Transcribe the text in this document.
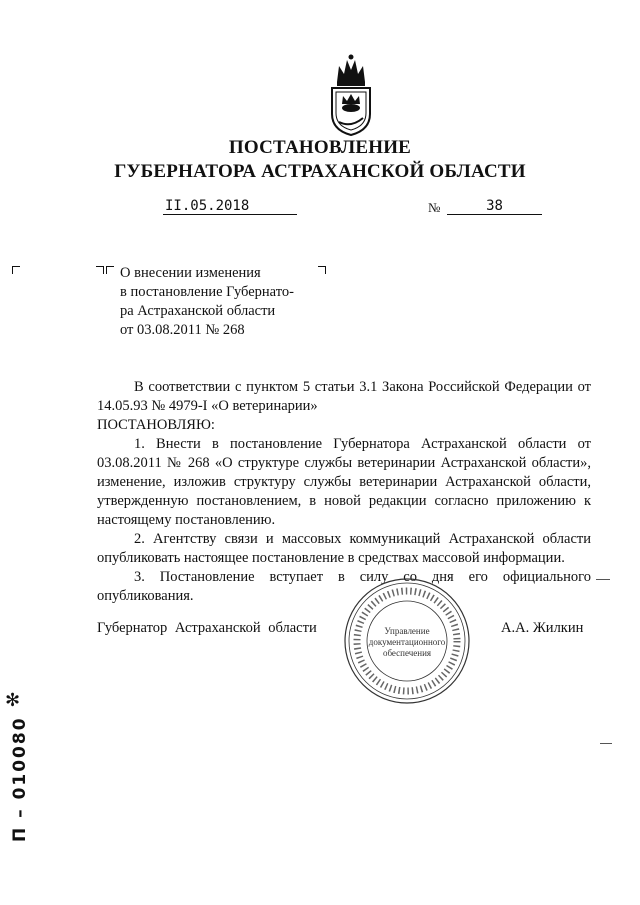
ПОСТАНОВЛЕНИЕ
ГУБЕРНАТОРА АСТРАХАНСКОЙ ОБЛАСТИ
II.05.2018	№	38
О внесении изменения
в постановление Губернато-
ра Астраханской области
от 03.08.2011 № 268

В соответствии с пунктом 5 статьи 3.1 Закона Российской Федерации от 14.05.93 № 4979-I «О ветеринарии»

ПОСТАНОВЛЯЮ:

1. Внести в постановление Губернатора Астраханской области от 03.08.2011 № 268 «О структуре службы ветеринарии Астраханской области», изменение, изложив структуру службы ветеринарии Астраханской области, утвержденную постановлением, в новой редакции согласно приложению к настоящему постановлению.

2. Агентству связи и массовых коммуникаций Астраханской области опубликовать настоящее постановление в средствах массовой информации.

3. Постановление вступает в силу со дня его официального опубликования.

Губернатор Астраханской области	А.А. Жилкин
Управление
документационного
обеспечения
✻
П – 010080
